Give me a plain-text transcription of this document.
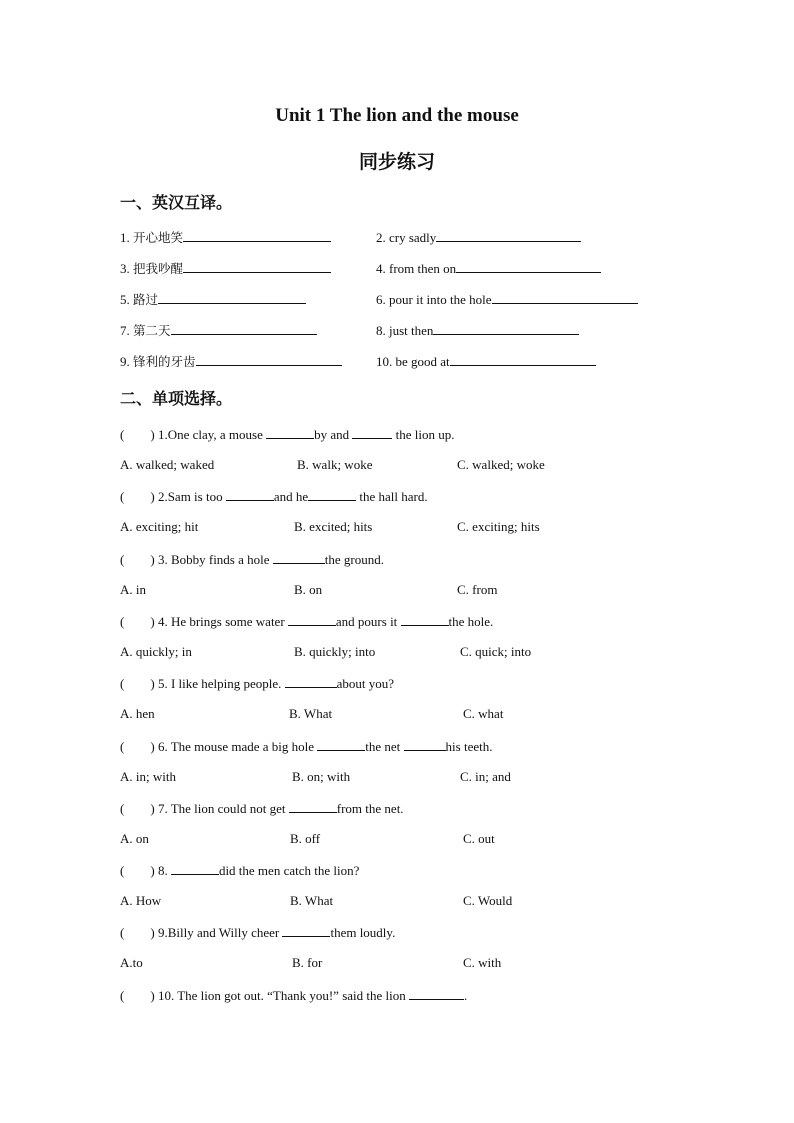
Unit 1 The lion and the mouse
同步练习
一、英汉互译。
1. 开心地笑	2. cry sadly
3. 把我吵醒	4. from then on
5. 路过	6. pour it into the hole
7. 第二天	8. just then
9. 锋利的牙齿	10. be good at
二、单项选择。
( ) 1.One clay, a mouse	by and	the lion up.
A. walked; waked	B. walk; woke	C. walked; woke
( ) 2.Sam is too	and he	the hall hard.
A. exciting; hit	B. excited; hits	C. exciting; hits
( ) 3. Bobby finds a hole	the ground.
A. in	B. on	C. from
( ) 4. He brings some water	and pours it	the hole.
A. quickly; in	B. quickly; into	C. quick; into
( ) 5. I like helping people.	about you?
A. hen	B. What	C. what
( ) 6. The mouse made a big hole	the net	his teeth.
A. in; with	B. on; with	C. in; and
( ) 7. The lion could not get	from the net.
A. on	B. off	C. out
( ) 8.	did the men catch the lion?
A. How	B. What	C. Would
( ) 9.Billy and Willy cheer	them loudly.
A.to	B. for	C. with
( ) 10. The lion got out. “Thank you!” said the lion	.
